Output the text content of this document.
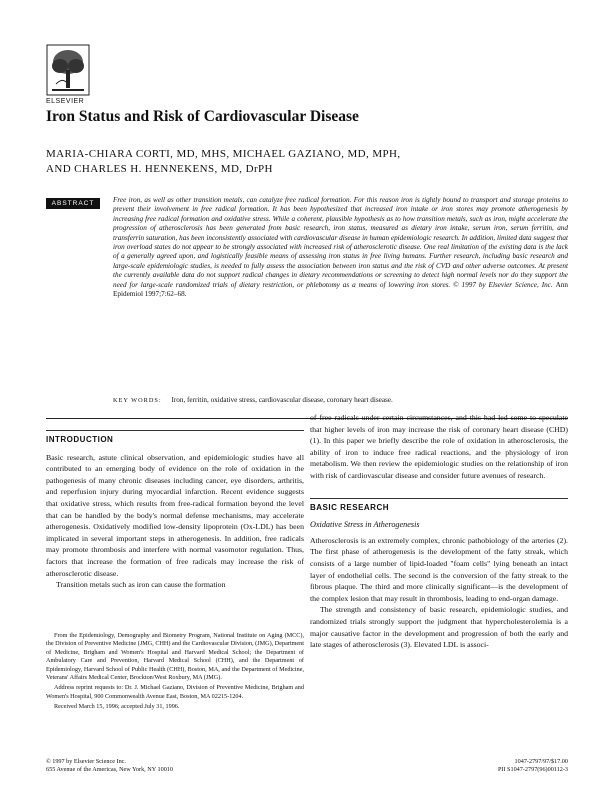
ELSEVIER
Iron Status and Risk of Cardiovascular Disease
MARIA-CHIARA CORTI, MD, MHS, MICHAEL GAZIANO, MD, MPH,
AND CHARLES H. HENNEKENS, MD, DrPH
ABSTRACT	Free iron, as well as other transition metals, can catalyze free radical formation. For this reason iron is tightly bound to transport and storage proteins to prevent their involvement in free radical formation. It has been hypothesized that increased iron intake or iron stores may promote atherogenesis by increasing free radical formation and oxidative stress. While a coherent, plausible hypothesis as to how transition metals, such as iron, might accelerate the progression of atherosclerosis has been generated from basic research, iron status, measured as dietary iron intake, serum iron, serum ferritin, and transferrin saturation, has been inconsistently associated with cardiovascular disease in human epidemiologic research. In addition, limited data suggest that iron overload states do not appear to be strongly associated with increased risk of atherosclerotic disease. One real limitation of the existing data is the lack of a generally agreed upon, and logistically feasible means of assessing iron status in free living humans. Further research, including basic research and large-scale epidemiologic studies, is needed to fully assess the association between iron status and the risk of CVD and other adverse outcomes. At present the currently available data do not support radical changes in dietary recommendations or screening to detect high normal levels nor do they support the need for large-scale randomized trials of dietary restriction, or phlebotomy as a means of lowering iron stores. © 1997 by Elsevier Science, Inc. Ann Epidemiol 1997;7:62–68.
KEY WORDS: Iron, ferritin, oxidative stress, cardiovascular disease, coronary heart disease.
INTRODUCTION

Basic research, astute clinical observation, and epidemiologic studies have all contributed to an emerging body of evidence on the role of oxidation in the pathogenesis of many chronic diseases including cancer, eye disorders, arthritis, and reperfusion injury during myocardial infarction. Recent evidence suggests that oxidative stress, which results from free-radical formation beyond the level that can be handled by the body's normal defense mechanisms, may accelerate atherogenesis. Oxidatively modified low-density lipoprotein (Ox-LDL) has been implicated in several important steps in atherogenesis. In addition, free radicals may promote thrombosis and interfere with normal vasomotor regulation. Thus, factors that increase the formation of free radicals may increase the risk of atherosclerotic disease.

Transition metals such as iron can cause the formation

of free radicals under certain circumstances, and this had led some to speculate that higher levels of iron may increase the risk of coronary heart disease (CHD) (1). In this paper we briefly describe the role of oxidation in atherosclerosis, the ability of iron to induce free radical reactions, and the physiology of iron metabolism. We then review the epidemiologic studies on the relationship of iron with risk of cardiovascular disease and consider future avenues of research.

BASIC RESEARCH
Oxidative Stress in Atherogenesis

Atherosclerosis is an extremely complex, chronic pathobiology of the arteries (2). The first phase of atherogenesis is the development of the fatty streak, which consists of a large number of lipid-loaded "foam cells" lying beneath an intact layer of endothelial cells. The second is the conversion of the fatty streak to the fibrous plaque. The third and more clinically significant—is the development of the complex lesion that may result in thrombosis, leading to end-organ damage.

The strength and consistency of basic research, epidemiologic studies, and randomized trials strongly support the judgment that hypercholesterolemia is a major causative factor in the development and progression of both the early and late stages of atherosclerosis (3). Elevated LDL is associ-

From the Epidemiology, Demography and Biometry Program, National Institute on Aging (MCC), the Division of Preventive Medicine (JMG, CHH) and the Cardiovascular Division, (JMG), Department of Medicine, Brigham and Women's Hospital and Harvard Medical School; the Department of Ambulatory Care and Prevention, Harvard Medical School (CHH), and the Department of Epidemiology, Harvard School of Public Health (CHH), Boston, MA, and the Department of Medicine, Veterans' Affairs Medical Center, Brockton/West Roxbury, MA (JMG).

Address reprint requests to: Dr. J. Michael Gaziano, Division of Preventive Medicine, Brigham and Women's Hospital, 900 Commonwealth Avenue East, Boston, MA 02215-1204.

Received March 15, 1996; accepted July 31, 1996.

© 1997 by Elsevier Science Inc.
655 Avenue of the Americas, New York, NY 10010
1047-2797/97/$17.00
PII S1047-2797(96)00112-3
